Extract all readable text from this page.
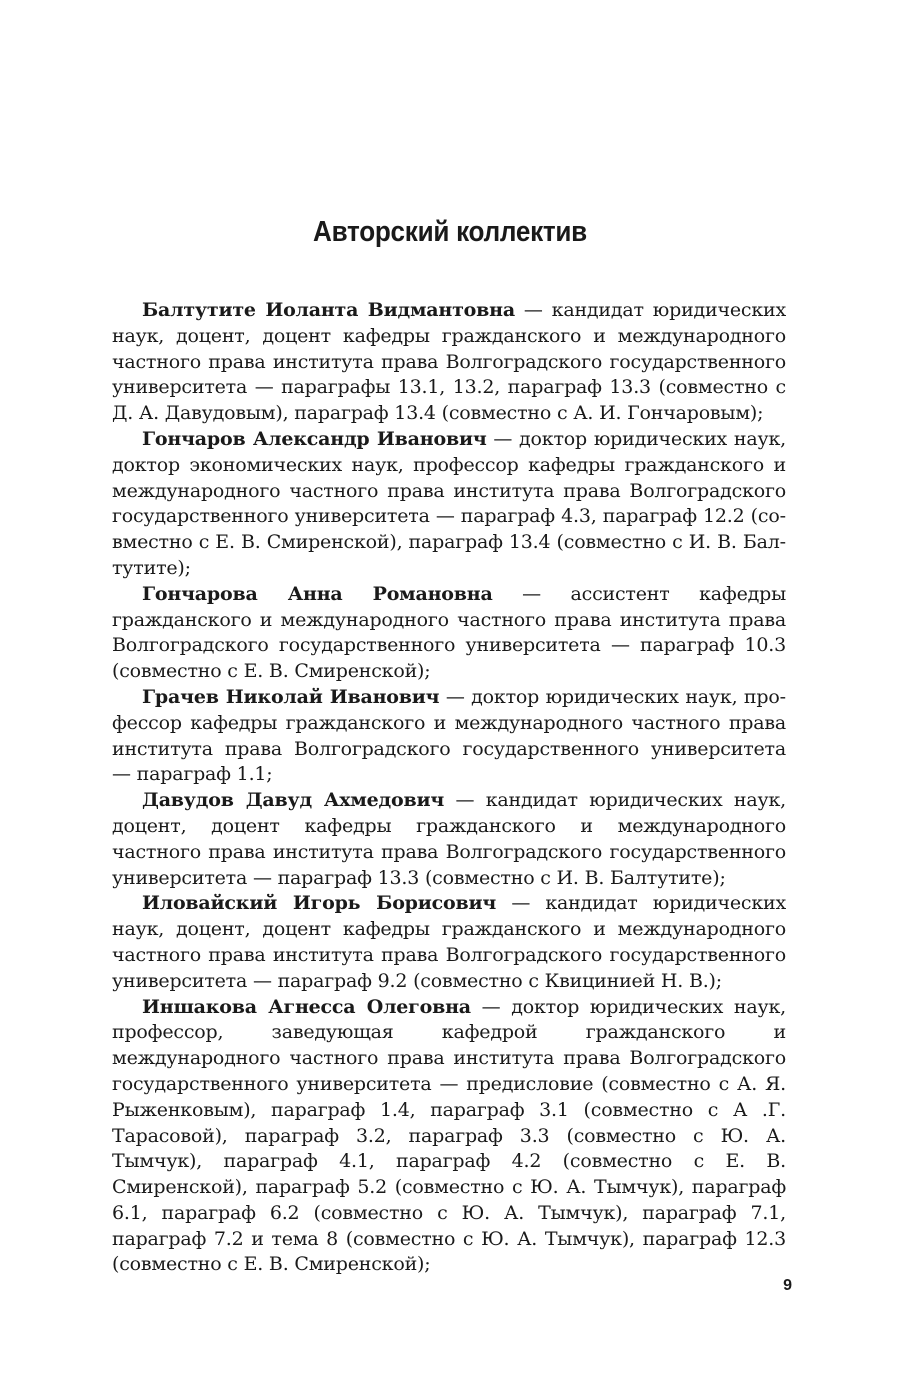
Авторский коллектив

Балтутите Иоланта Видмантовна — кандидат юридических наук, доцент, доцент кафедры гражданского и международного частного права института права Волгоградского государственного университета — параграфы 13.1, 13.2, параграф 13.3 (совместно с Д. А. Давудовым), параграф 13.4 (совместно с А. И. Гончаровым);

Гончаров Александр Иванович — доктор юридических наук, доктор экономических наук, профессор кафедры гражданского и международного частного права института права Волгоградского государственного университета — параграф 4.3, параграф 12.2 (совместно с Е. В. Смиренской), параграф 13.4 (совместно с И. В. Балтутите);

Гончарова Анна Романовна — ассистент кафедры гражданского и международного частного права института права Волгоградского государственного университета — параграф 10.3 (совместно с Е. В. Смиренской);

Грачев Николай Иванович — доктор юридических наук, профессор кафедры гражданского и международного частного права института права Волгоградского государственного университета — параграф 1.1;

Давудов Давуд Ахмедович — кандидат юридических наук, доцент, доцент кафедры гражданского и международного частного права института права Волгоградского государственного университета — параграф 13.3 (совместно с И. В. Балтутите);

Иловайский Игорь Борисович — кандидат юридических наук, доцент, доцент кафедры гражданского и международного частного права института права Волгоградского государственного университета — параграф 9.2 (совместно с Квицинией Н. В.);

Иншакова Агнесса Олеговна — доктор юридических наук, профессор, заведующая кафедрой гражданского и международного частного права института права Волгоградского государственного университета — предисловие (совместно с А. Я. Рыженковым), параграф 1.4, параграф 3.1 (совместно с А .Г. Тарасовой), параграф 3.2, параграф 3.3 (совместно с Ю. А. Тымчук), параграф 4.1, параграф 4.2 (совместно с Е. В. Смиренской), параграф 5.2 (совместно с Ю. А. Тымчук), параграф 6.1, параграф 6.2 (совместно с Ю. А. Тымчук), параграф 7.1, параграф 7.2 и тема 8 (совместно с Ю. А. Тымчук), параграф 12.3 (совместно с Е. В. Смиренской);

9
